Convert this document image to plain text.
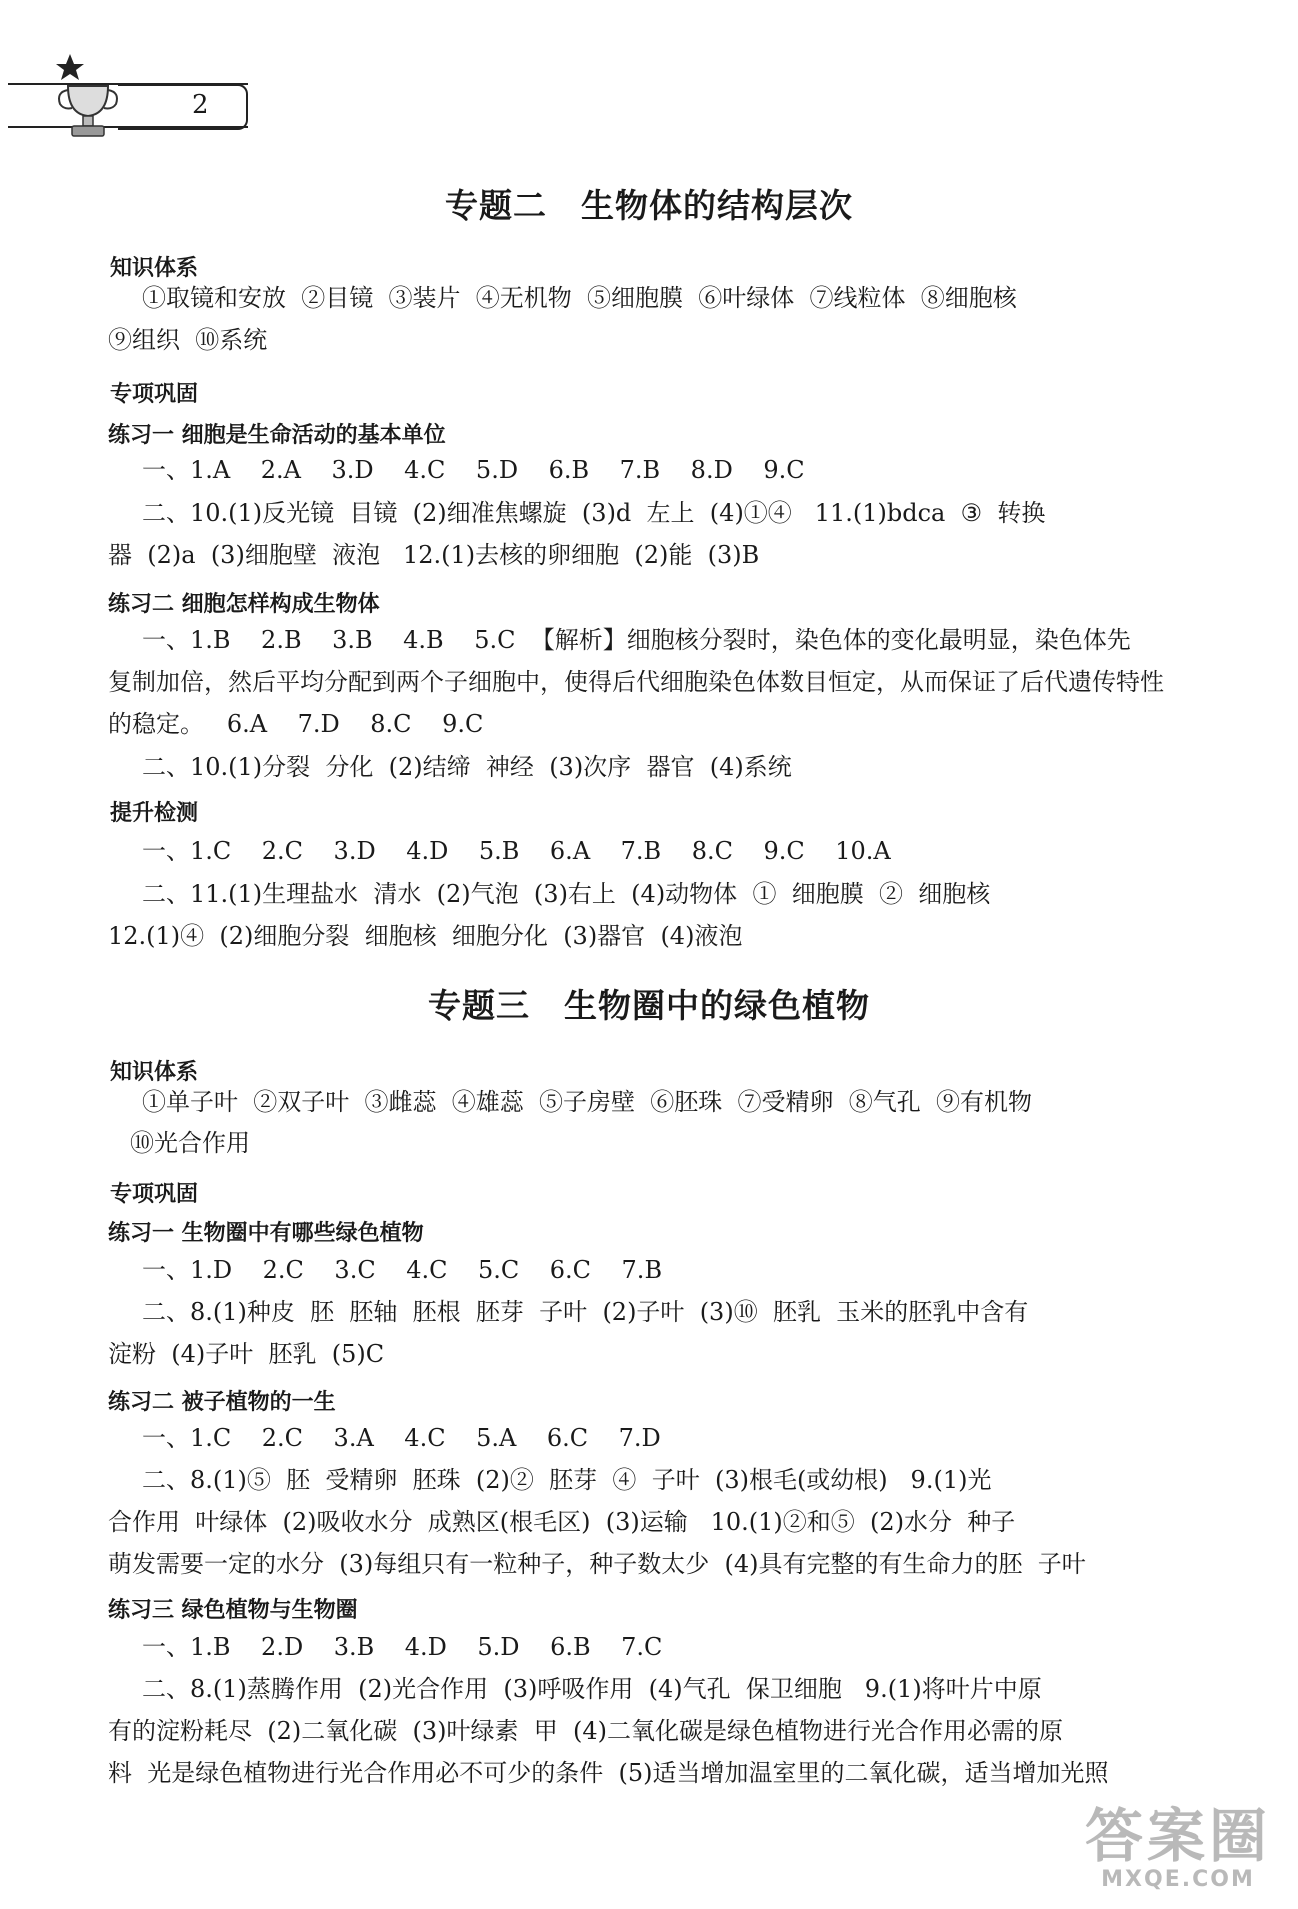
2
专题二 生物体的结构层次
知识体系
①取镜和安放  ②目镜  ③装片  ④无机物  ⑤细胞膜  ⑥叶绿体  ⑦线粒体  ⑧细胞核
⑨组织  ⑩系统
专项巩固
练习一 细胞是生命活动的基本单位
一、1.A    2.A    3.D    4.C    5.D    6.B    7.B    8.D    9.C
二、10.(1)反光镜  目镜  (2)细准焦螺旋  (3)d  左上  (4)①④   11.(1)bdca  ③  转换
器  (2)a  (3)细胞壁  液泡   12.(1)去核的卵细胞  (2)能  (3)B
练习二 细胞怎样构成生物体
一、1.B    2.B    3.B    4.B    5.C  【解析】细胞核分裂时，染色体的变化最明显，染色体先
复制加倍，然后平均分配到两个子细胞中，使得后代细胞染色体数目恒定，从而保证了后代遗传特性
的稳定。   6.A    7.D    8.C    9.C
二、10.(1)分裂  分化  (2)结缔  神经  (3)次序  器官  (4)系统
提升检测
一、1.C    2.C    3.D    4.D    5.B    6.A    7.B    8.C    9.C    10.A
二、11.(1)生理盐水  清水  (2)气泡  (3)右上  (4)动物体  ①  细胞膜  ②  细胞核
12.(1)④  (2)细胞分裂  细胞核  细胞分化  (3)器官  (4)液泡
专题三 生物圈中的绿色植物
知识体系
①单子叶  ②双子叶  ③雌蕊  ④雄蕊  ⑤子房壁  ⑥胚珠  ⑦受精卵  ⑧气孔  ⑨有机物
⑩光合作用
专项巩固
练习一 生物圈中有哪些绿色植物
一、1.D    2.C    3.C    4.C    5.C    6.C    7.B
二、8.(1)种皮  胚  胚轴  胚根  胚芽  子叶  (2)子叶  (3)⑩  胚乳  玉米的胚乳中含有
淀粉  (4)子叶  胚乳  (5)C
练习二 被子植物的一生
一、1.C    2.C    3.A    4.C    5.A    6.C    7.D
二、8.(1)⑤  胚  受精卵  胚珠  (2)②  胚芽  ④  子叶  (3)根毛(或幼根)   9.(1)光
合作用  叶绿体  (2)吸收水分  成熟区(根毛区)  (3)运输   10.(1)②和⑤  (2)水分  种子
萌发需要一定的水分  (3)每组只有一粒种子，种子数太少  (4)具有完整的有生命力的胚  子叶
练习三 绿色植物与生物圈
一、1.B    2.D    3.B    4.D    5.D    6.B    7.C
二、8.(1)蒸腾作用  (2)光合作用  (3)呼吸作用  (4)气孔  保卫细胞   9.(1)将叶片中原
有的淀粉耗尽  (2)二氧化碳  (3)叶绿素  甲  (4)二氧化碳是绿色植物进行光合作用必需的原
料  光是绿色植物进行光合作用必不可少的条件  (5)适当增加温室里的二氧化碳，适当增加光照
答案圈
MXQE.COM
